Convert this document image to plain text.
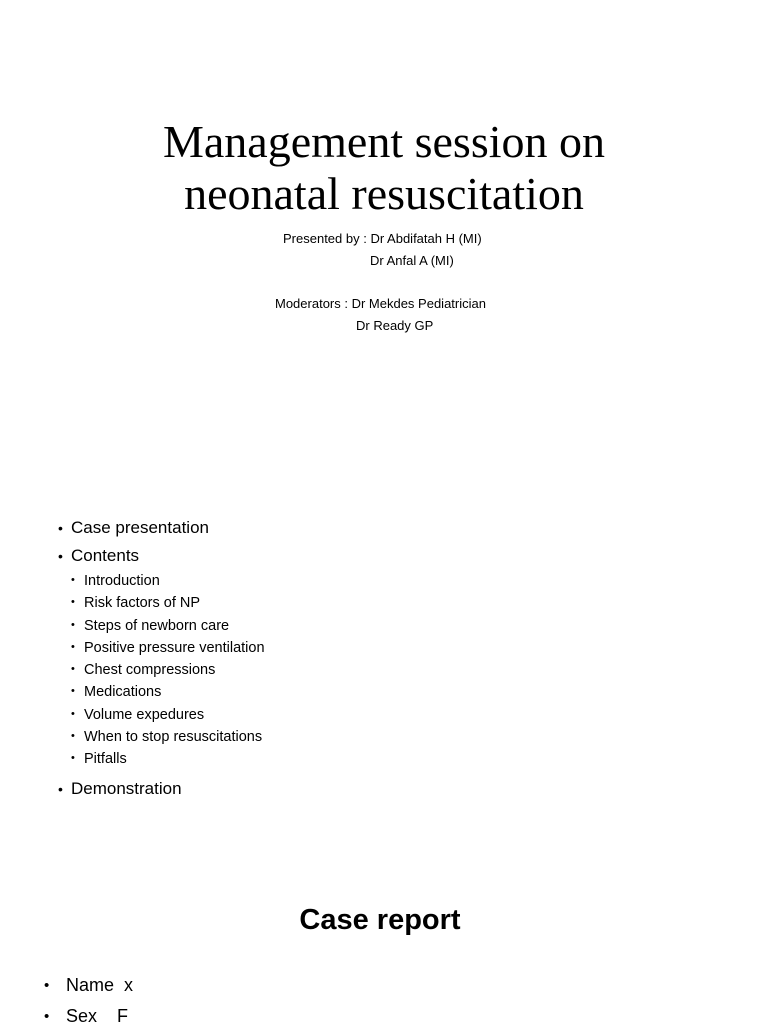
Management session on
neonatal resuscitation
Presented by : Dr Abdifatah H (MI)
Dr Anfal A (MI)
Moderators : Dr Mekdes Pediatrician
Dr Ready GP
• Case presentation
• Contents
• Introduction
• Risk factors of NP
• Steps of newborn care
• Positive pressure ventilation
• Chest compressions
• Medications
• Volume expedures
• When to stop resuscitations
• Pitfalls
• Demonstration
Case report
• Name  x
• Sex    F
